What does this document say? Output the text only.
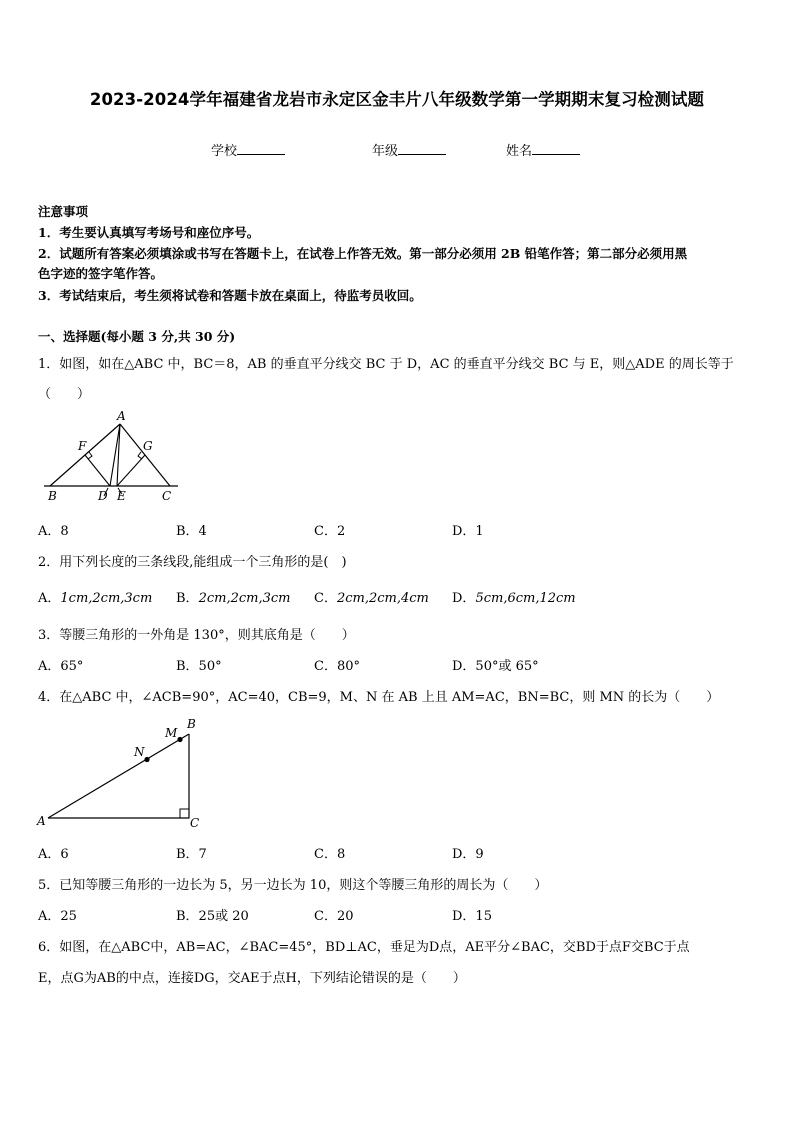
2023-2024学年福建省龙岩市永定区金丰片八年级数学第一学期期末复习检测试题
学校	年级	姓名
注意事项
1．考生要认真填写考场号和座位序号。
2．试题所有答案必须填涂或书写在答题卡上，在试卷上作答无效。第一部分必须用 2B 铅笔作答；第二部分必须用黑
色字迹的签字笔作答。
3．考试结束后，考生须将试卷和答题卡放在桌面上，待监考员收回。
一、选择题(每小题 3 分,共 30 分)
1．如图，如在△ABC 中，BC＝8，AB 的垂直平分线交 BC 于 D，AC 的垂直平分线交 BC 与 E，则△ADE 的周长等于
（　　）
A
F	G
B	D E	C
A．8	B．4	C．2	D．1
2．用下列长度的三条线段,能组成一个三角形的是(　)
A．1cm,2cm,3cm B．2cm,2cm,3cm C．2cm,2cm,4cm D．5cm,6cm,12cm
3．等腰三角形的一外角是 130°，则其底角是（　　）
A．65°	B．50°	C．80°	D．50°或 65°
4．在△ABC 中，∠ACB=90°，AC=40，CB=9，M、N 在 AB 上且 AM=AC，BN=BC，则 MN 的长为（　　）
B
M
N
A	C
A．6	B．7	C．8	D．9
5．已知等腰三角形的一边长为 5，另一边长为 10，则这个等腰三角形的周长为（　　）
A．25	B．25或 20	C．20	D．15
6．如图，在△ABC中，AB=AC，∠BAC=45°，BD⊥AC，垂足为D点，AE平分∠BAC，交BD于点F交BC于点
E，点G为AB的中点，连接DG，交AE于点H，下列结论错误的是（　　）
